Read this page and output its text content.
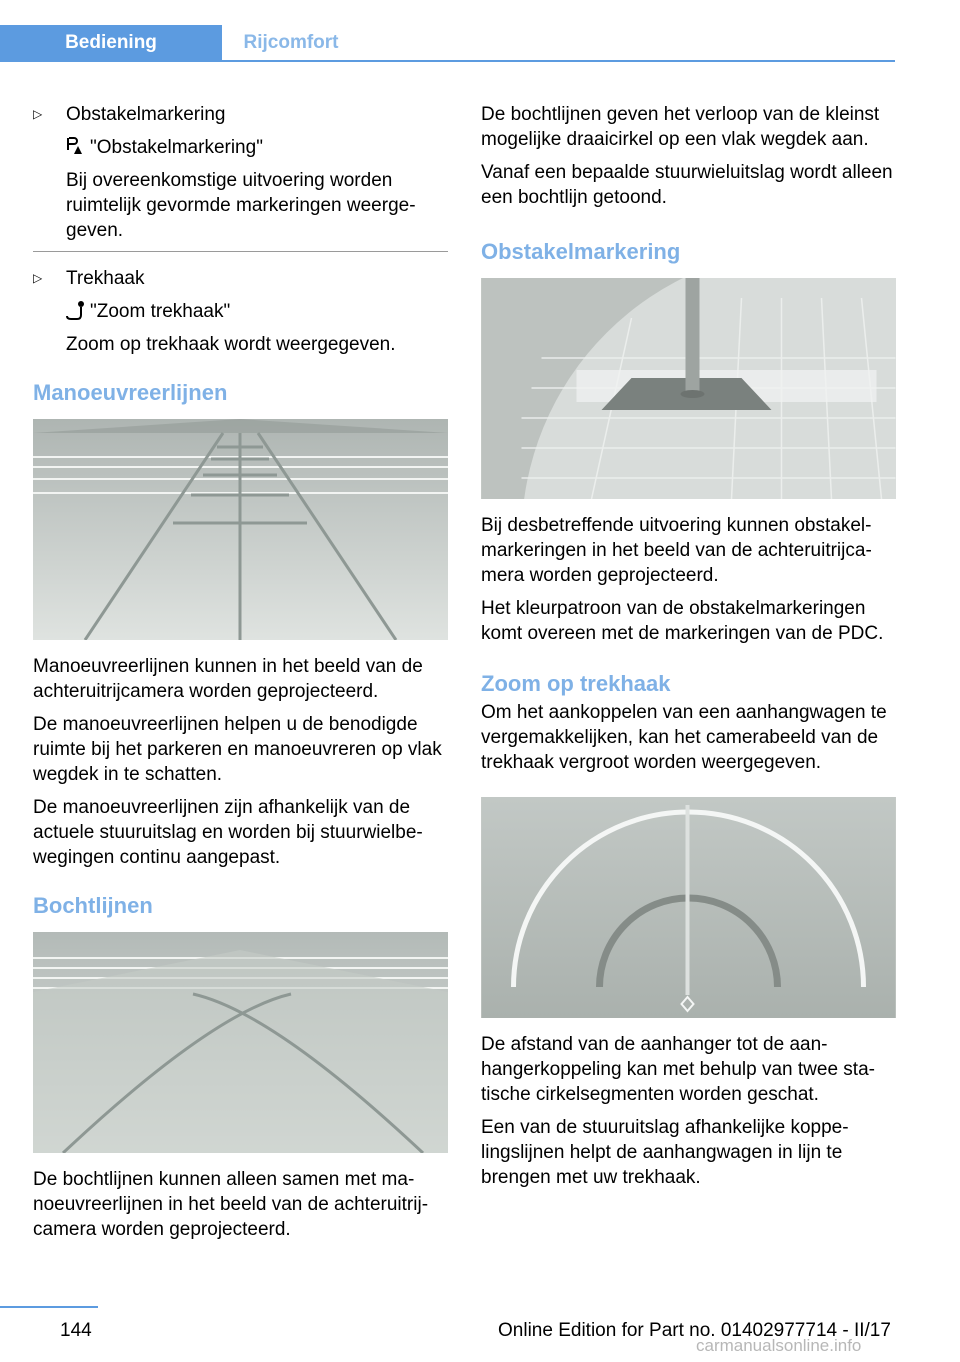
Bediening	Rijcomfort
▷ Obstakelmarkering

"Obstakelmarkering"

Bij overeenkomstige uitvoering worden ruimtelijk gevormde markeringen weergegeven.

▷ Trekhaak

"Zoom trekhaak"

Zoom op trekhaak wordt weergegeven.

Manoeuvreerlijnen

Manoeuvreerlijnen kunnen in het beeld van de achteruitrijcamera worden geprojecteerd.

De manoeuvreerlijnen helpen u de benodigde ruimte bij het parkeren en manoeuvreren op vlak wegdek in te schatten.

De manoeuvreerlijnen zijn afhankelijk van de actuele stuuruitslag en worden bij stuurwielbewegingen continu aangepast.

Bochtlijnen

De bochtlijnen kunnen alleen samen met manoeuvreerlijnen in het beeld van de achteruitrijcamera worden geprojecteerd.

De bochtlijnen geven het verloop van de kleinst mogelijke draaicirkel op een vlak wegdek aan.

Vanaf een bepaalde stuurwieluitslag wordt alleen een bochtlijn getoond.

Obstakelmarkering

Bij desbetreffende uitvoering kunnen obstakelmarkeringen in het beeld van de achteruitrijcamera worden geprojecteerd.

Het kleurpatroon van de obstakelmarkeringen komt overeen met de markeringen van de PDC.

Zoom op trekhaak

Om het aankoppelen van een aanhangwagen te vergemakkelijken, kan het camerabeeld van de trekhaak vergroot worden weergegeven.

De afstand van de aanhanger tot de aanhangerkoppeling kan met behulp van twee statische cirkelsegmenten worden geschat.

Een van de stuuruitslag afhankelijke koppelingslijnen helpt de aanhangwagen in lijn te brengen met uw trekhaak.

144	Online Edition for Part no. 01402977714 - II/17
carmanualsonline.info
